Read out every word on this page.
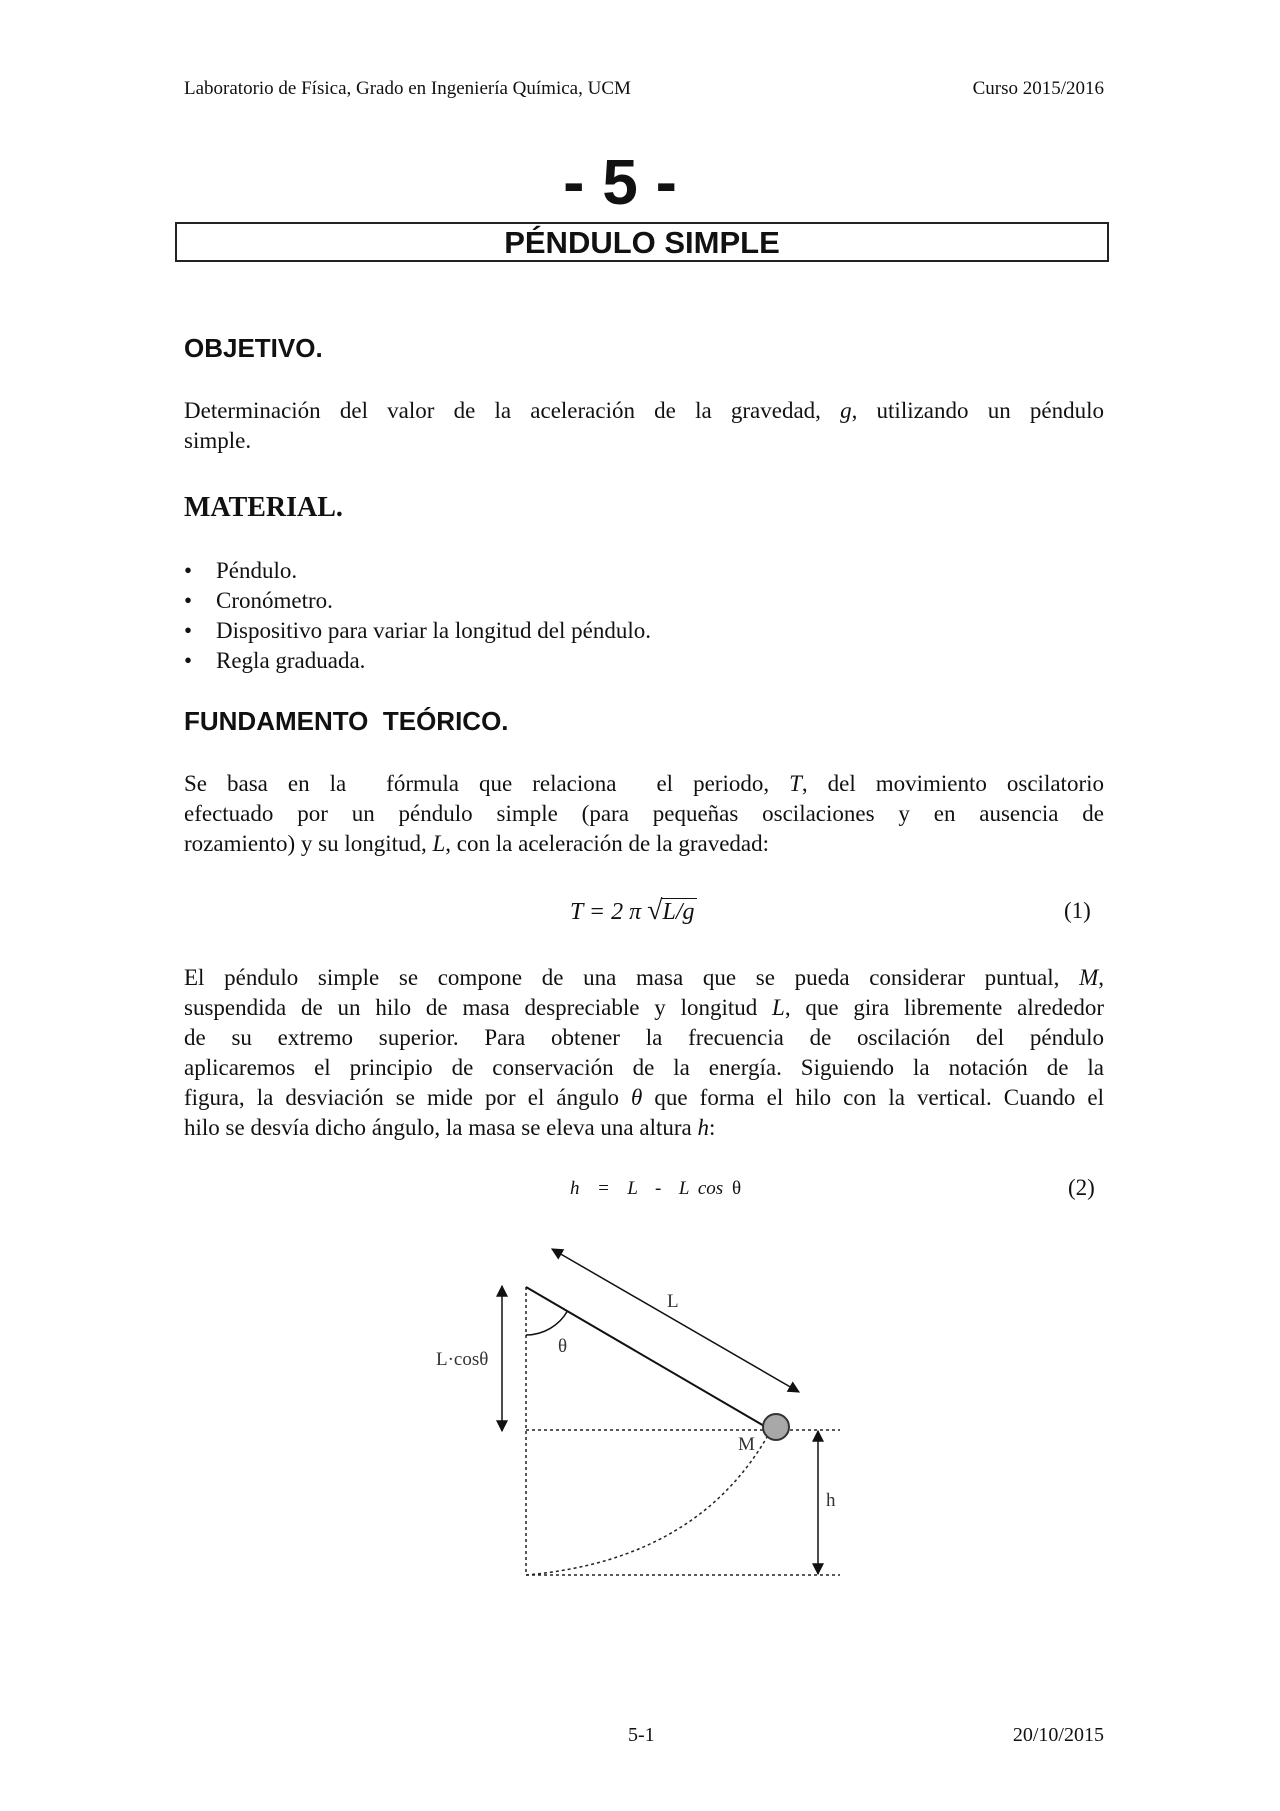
Laboratorio de Física, Grado en Ingeniería Química, UCM	Curso 2015/2016
- 5 -
PÉNDULO SIMPLE
OBJETIVO.
Determinación del valor de la aceleración de la gravedad, g, utilizando un péndulo
simple.
MATERIAL.
• Péndulo.
• Cronómetro.
• Dispositivo para variar la longitud del péndulo.
• Regla graduada.
FUNDAMENTO  TEÓRICO.
Se basa en la  fórmula que relaciona  el periodo, T, del movimiento oscilatorio
efectuado por un péndulo simple (para pequeñas oscilaciones y en ausencia de
rozamiento) y su longitud, L, con la aceleración de la gravedad:
T = 2 π √L/g	(1)
El péndulo simple se compone de una masa que se pueda considerar puntual, M,
suspendida de un hilo de masa despreciable y longitud L, que gira libremente alrededor
de su extremo superior. Para obtener la frecuencia de oscilación del péndulo
aplicaremos el principio de conservación de la energía. Siguiendo la notación de la
figura, la desviación se mide por el ángulo θ que forma el hilo con la vertical. Cuando el
hilo se desvía dicho ángulo, la masa se eleva una altura h:
h  =  L  -  L cos θ	(2)
L
θ
L·cosθ
M
h
5-1	20/10/2015
